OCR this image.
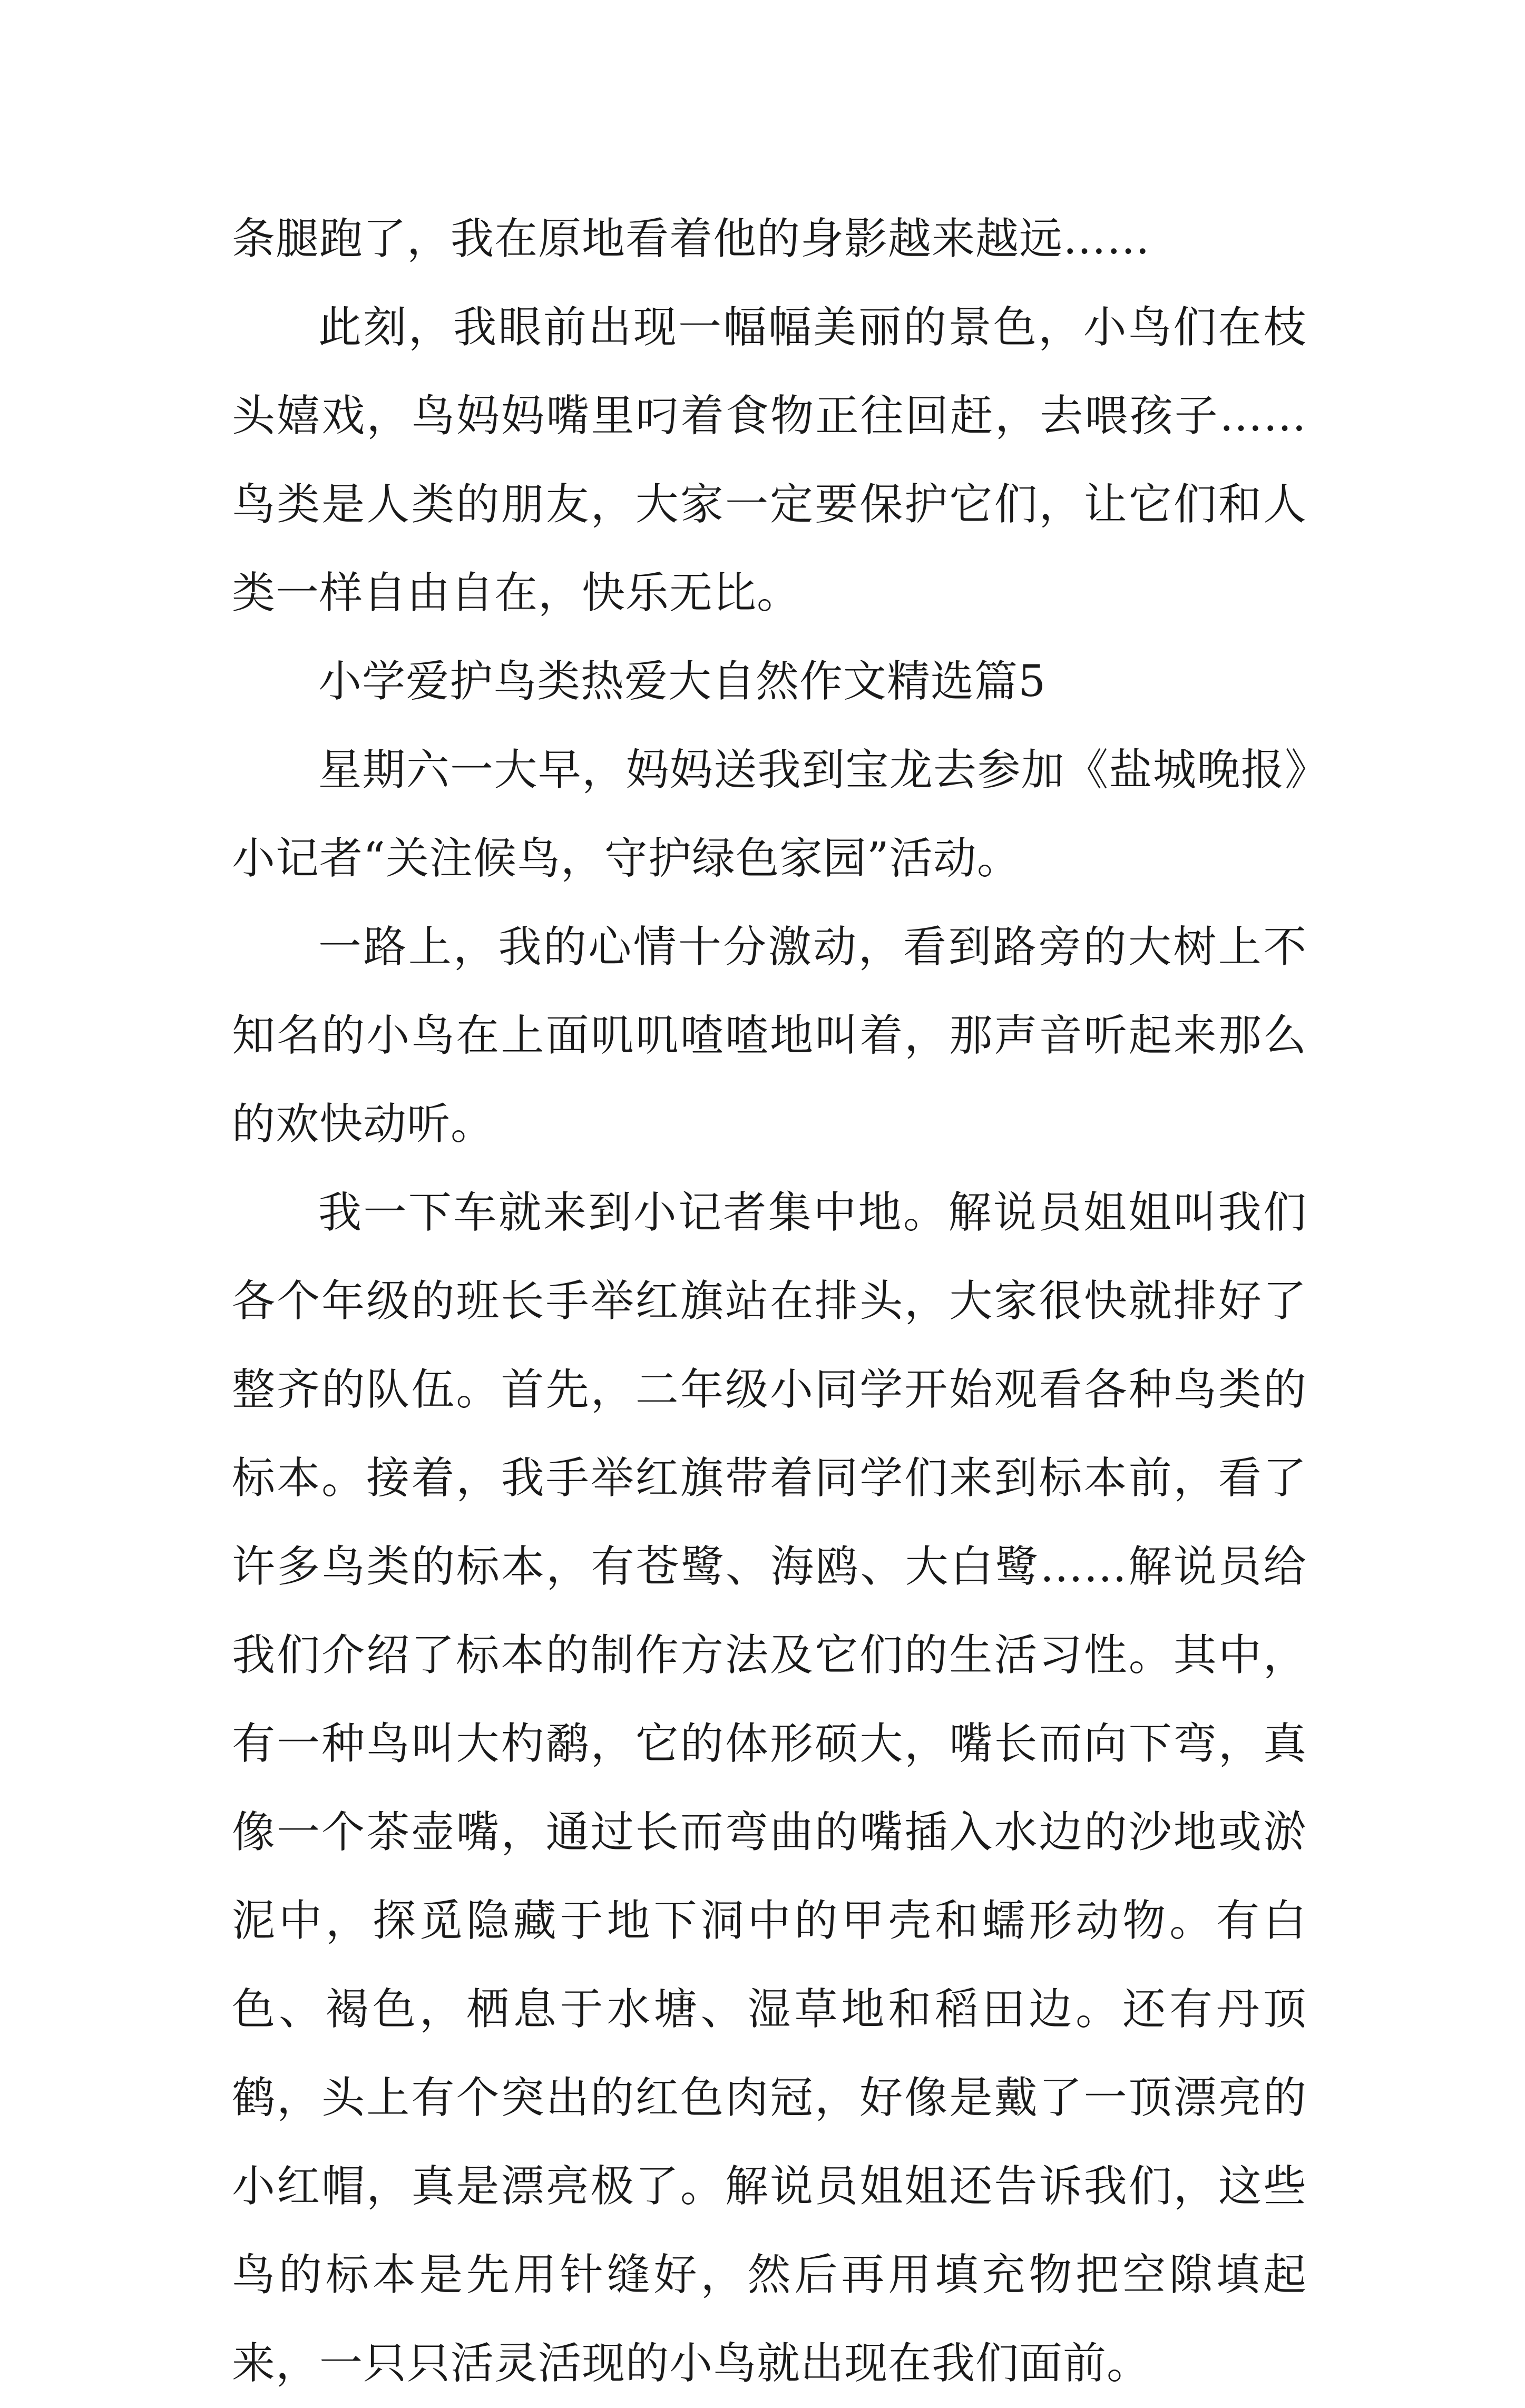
条腿跑了，我在原地看着他的身影越来越远……

此刻，我眼前出现一幅幅美丽的景色，小鸟们在枝头嬉戏，鸟妈妈嘴里叼着食物正往回赶，去喂孩子……鸟类是人类的朋友，大家一定要保护它们，让它们和人类一样自由自在，快乐无比。

小学爱护鸟类热爱大自然作文精选篇5

星期六一大早，妈妈送我到宝龙去参加《盐城晚报》小记者“关注候鸟，守护绿色家园”活动。

一路上，我的心情十分激动，看到路旁的大树上不知名的小鸟在上面叽叽喳喳地叫着，那声音听起来那么的欢快动听。

我一下车就来到小记者集中地。解说员姐姐叫我们各个年级的班长手举红旗站在排头，大家很快就排好了整齐的队伍。首先，二年级小同学开始观看各种鸟类的标本。接着，我手举红旗带着同学们来到标本前，看了许多鸟类的标本，有苍鹭、海鸥、大白鹭……解说员给我们介绍了标本的制作方法及它们的生活习性。其中，有一种鸟叫大杓鹬，它的体形硕大，嘴长而向下弯，真像一个茶壶嘴，通过长而弯曲的嘴插入水边的沙地或淤泥中，探觅隐藏于地下洞中的甲壳和蠕形动物。有白色、褐色，栖息于水塘、湿草地和稻田边。还有丹顶鹤，头上有个突出的红色肉冠，好像是戴了一顶漂亮的小红帽，真是漂亮极了。解说员姐姐还告诉我们，这些鸟的标本是先用针缝好，然后再用填充物把空隙填起来，一只只活灵活现的小鸟就出现在我们面前。
